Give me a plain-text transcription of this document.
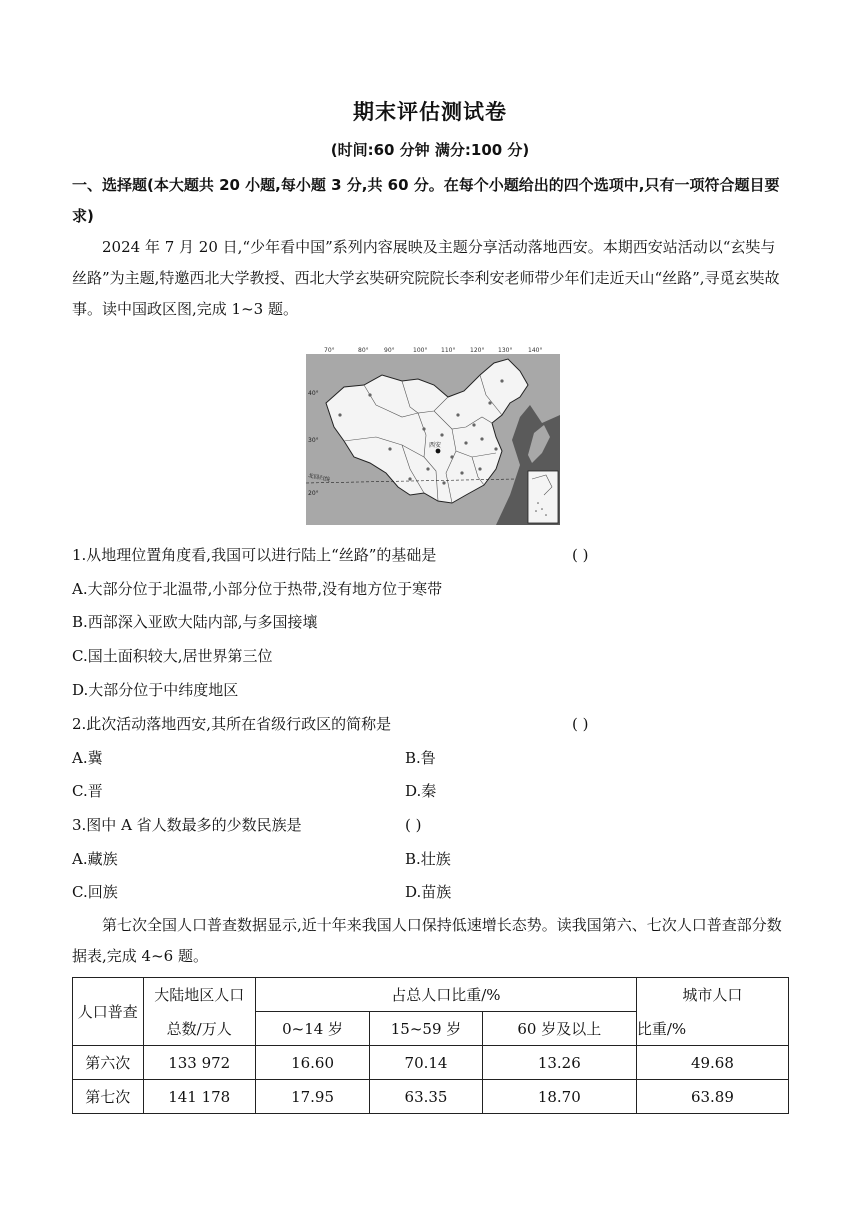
期末评估测试卷
(时间:60 分钟 满分:100 分)
一、选择题(本大题共 20 小题,每小题 3 分,共 60 分。在每个小题给出的四个选项中,只有一项符合题目要求)
2024 年 7 月 20 日,“少年看中国”系列内容展映及主题分享活动落地西安。本期西安站活动以“玄奘与丝路”为主题,特邀西北大学教授、西北大学玄奘研究院院长李利安老师带少年们走近天山“丝路”,寻觅玄奘故事。读中国政区图,完成 1~3 题。
70°	80°	90°	100° 110° 120° 130°	140°
西安
北回归线
40°
30°
20°
1.从地理位置角度看,我国可以进行陆上“丝路”的基础是	( )
A.大部分位于北温带,小部分位于热带,没有地方位于寒带
B.西部深入亚欧大陆内部,与多国接壤
C.国土面积较大,居世界第三位
D.大部分位于中纬度地区
2.此次活动落地西安,其所在省级行政区的简称是	( )
A.冀	B.鲁
C.晋	D.秦
3.图中 A 省人数最多的少数民族是	( )
A.藏族	B.壮族
C.回族	D.苗族
第七次全国人口普查数据显示,近十年来我国人口保持低速增长态势。读我国第六、七次人口普查部分数据表,完成 4~6 题。
人口普查	大陆地区人口	占总人口比重/%			城市人口
	总数/万人	0~14 岁	15~59 岁	60 岁及以上	比重/%
第六次	133 972	16.60	70.14	13.26	49.68
第七次	141 178	17.95	63.35	18.70	63.89
